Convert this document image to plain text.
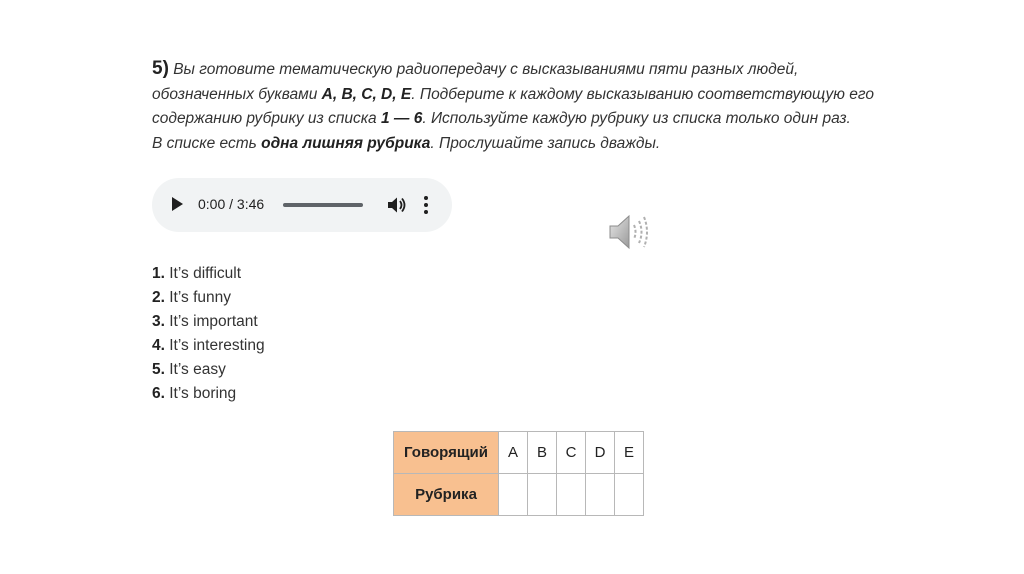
5) Вы готовите тематическую радиопередачу с высказываниями пяти разных людей,
обозначенных буквами A, B, C, D, E. Подберите к каждому высказыванию соответствующую его
содержанию рубрику из списка 1 — 6. Используйте каждую рубрику из списка только один раз.
В списке есть одна лишняя рубрика. Прослушайте запись дважды.
0:00 / 3:46
1. It’s difficult
2. It’s funny
3. It’s important
4. It’s interesting
5. It’s easy
6. It’s boring
Говорящий	A	B	C	D	E
Рубрика					
